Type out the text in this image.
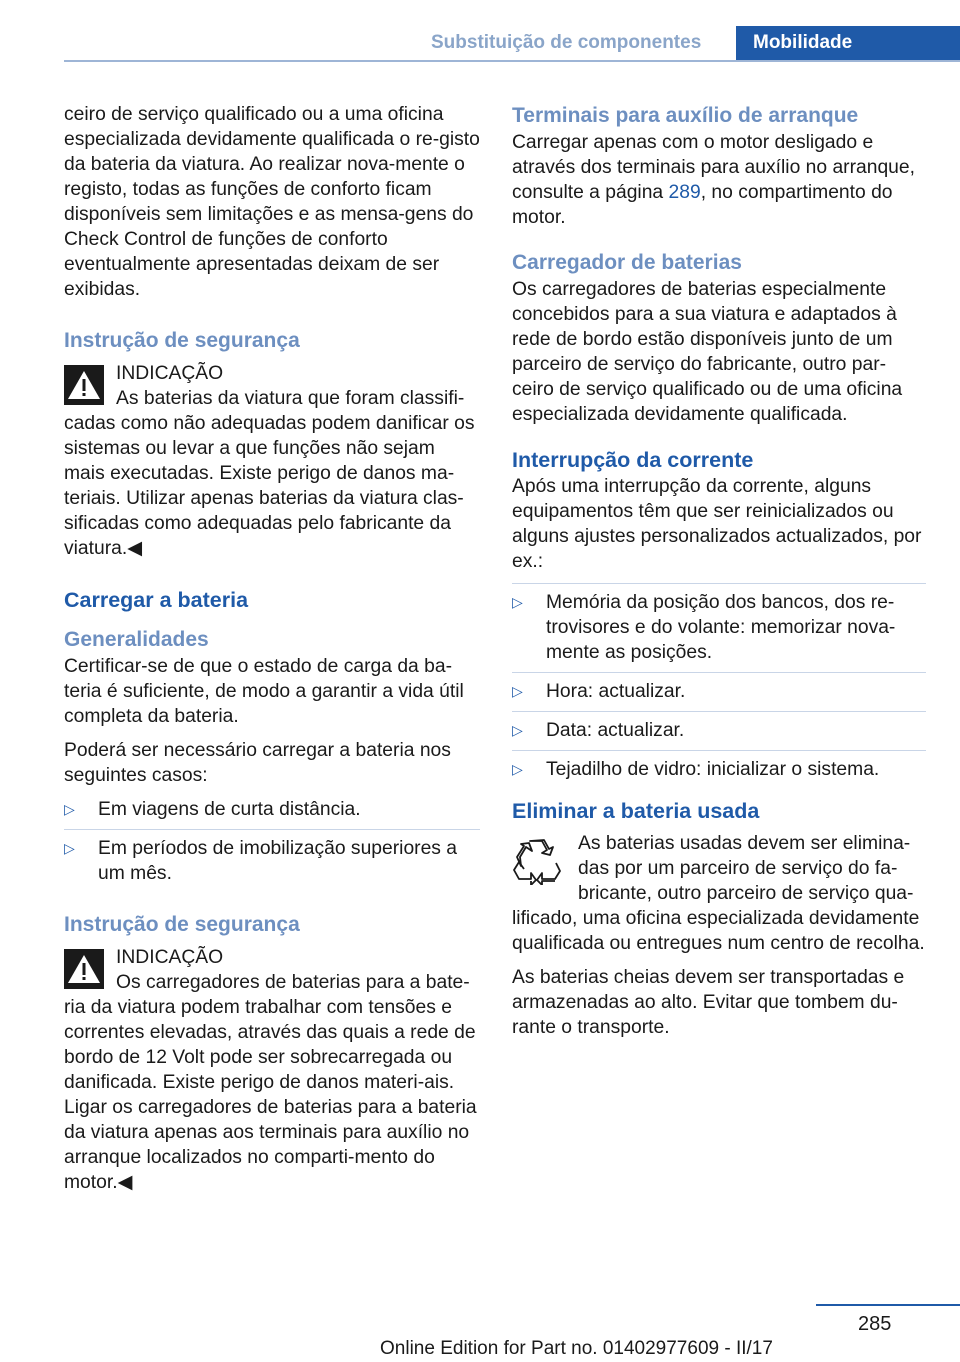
Substituição de componentes	Mobilidade

ceiro de serviço qualificado ou a uma oficina especializada devidamente qualificada o re-gisto da bateria da viatura. Ao realizar nova-mente o registo, todas as funções de conforto ficam disponíveis sem limitações e as mensa-gens do Check Control de funções de conforto eventualmente apresentadas deixam de ser exibidas.

Instrução de segurança

INDICAÇÃO

As baterias da viatura que foram classifi-

cadas como não adequadas podem danificar os sistemas ou levar a que funções não sejam mais executadas. Existe perigo de danos ma-teriais. Utilizar apenas baterias da viatura clas-sificadas como adequadas pelo fabricante da viatura.◀

Carregar a bateria
Generalidades

Certificar-se de que o estado de carga da ba-teria é suficiente, de modo a garantir a vida útil completa da bateria.

Poderá ser necessário carregar a bateria nos seguintes casos:

▷	Em viagens de curta distância.
▷	Em períodos de imobilização superiores a um mês.
Instrução de segurança

INDICAÇÃO

Os carregadores de baterias para a bate-

ria da viatura podem trabalhar com tensões e correntes elevadas, através das quais a rede de bordo de 12 Volt pode ser sobrecarregada ou danificada. Existe perigo de danos materi-ais. Ligar os carregadores de baterias para a bateria da viatura apenas aos terminais para auxílio no arranque localizados no comparti-mento do motor.◀

Terminais para auxílio de arranque

Carregar apenas com o motor desligado e através dos terminais para auxílio no arranque, consulte a página 289, no compartimento do motor.

Carregador de baterias

Os carregadores de baterias especialmente concebidos para a sua viatura e adaptados à rede de bordo estão disponíveis junto de um parceiro de serviço do fabricante, outro par-ceiro de serviço qualificado ou de uma oficina especializada devidamente qualificada.

Interrupção da corrente

Após uma interrupção da corrente, alguns equipamentos têm que ser reinicializados ou alguns ajustes personalizados actualizados, por ex.:

▷	Memória da posição dos bancos, dos re-trovisores e do volante: memorizar nova-mente as posições.
▷	Hora: actualizar.
▷	Data: actualizar.
▷	Tejadilho de vidro: inicializar o sistema.
Eliminar a bateria usada

As baterias usadas devem ser elimina-das por um parceiro de serviço do fa-bricante, outro parceiro de serviço qua-

lificado, uma oficina especializada devidamente qualificada ou entregues num centro de recolha.

As baterias cheias devem ser transportadas e armazenadas ao alto. Evitar que tombem du-rante o transporte.

285
Online Edition for Part no. 01402977609 - II/17
